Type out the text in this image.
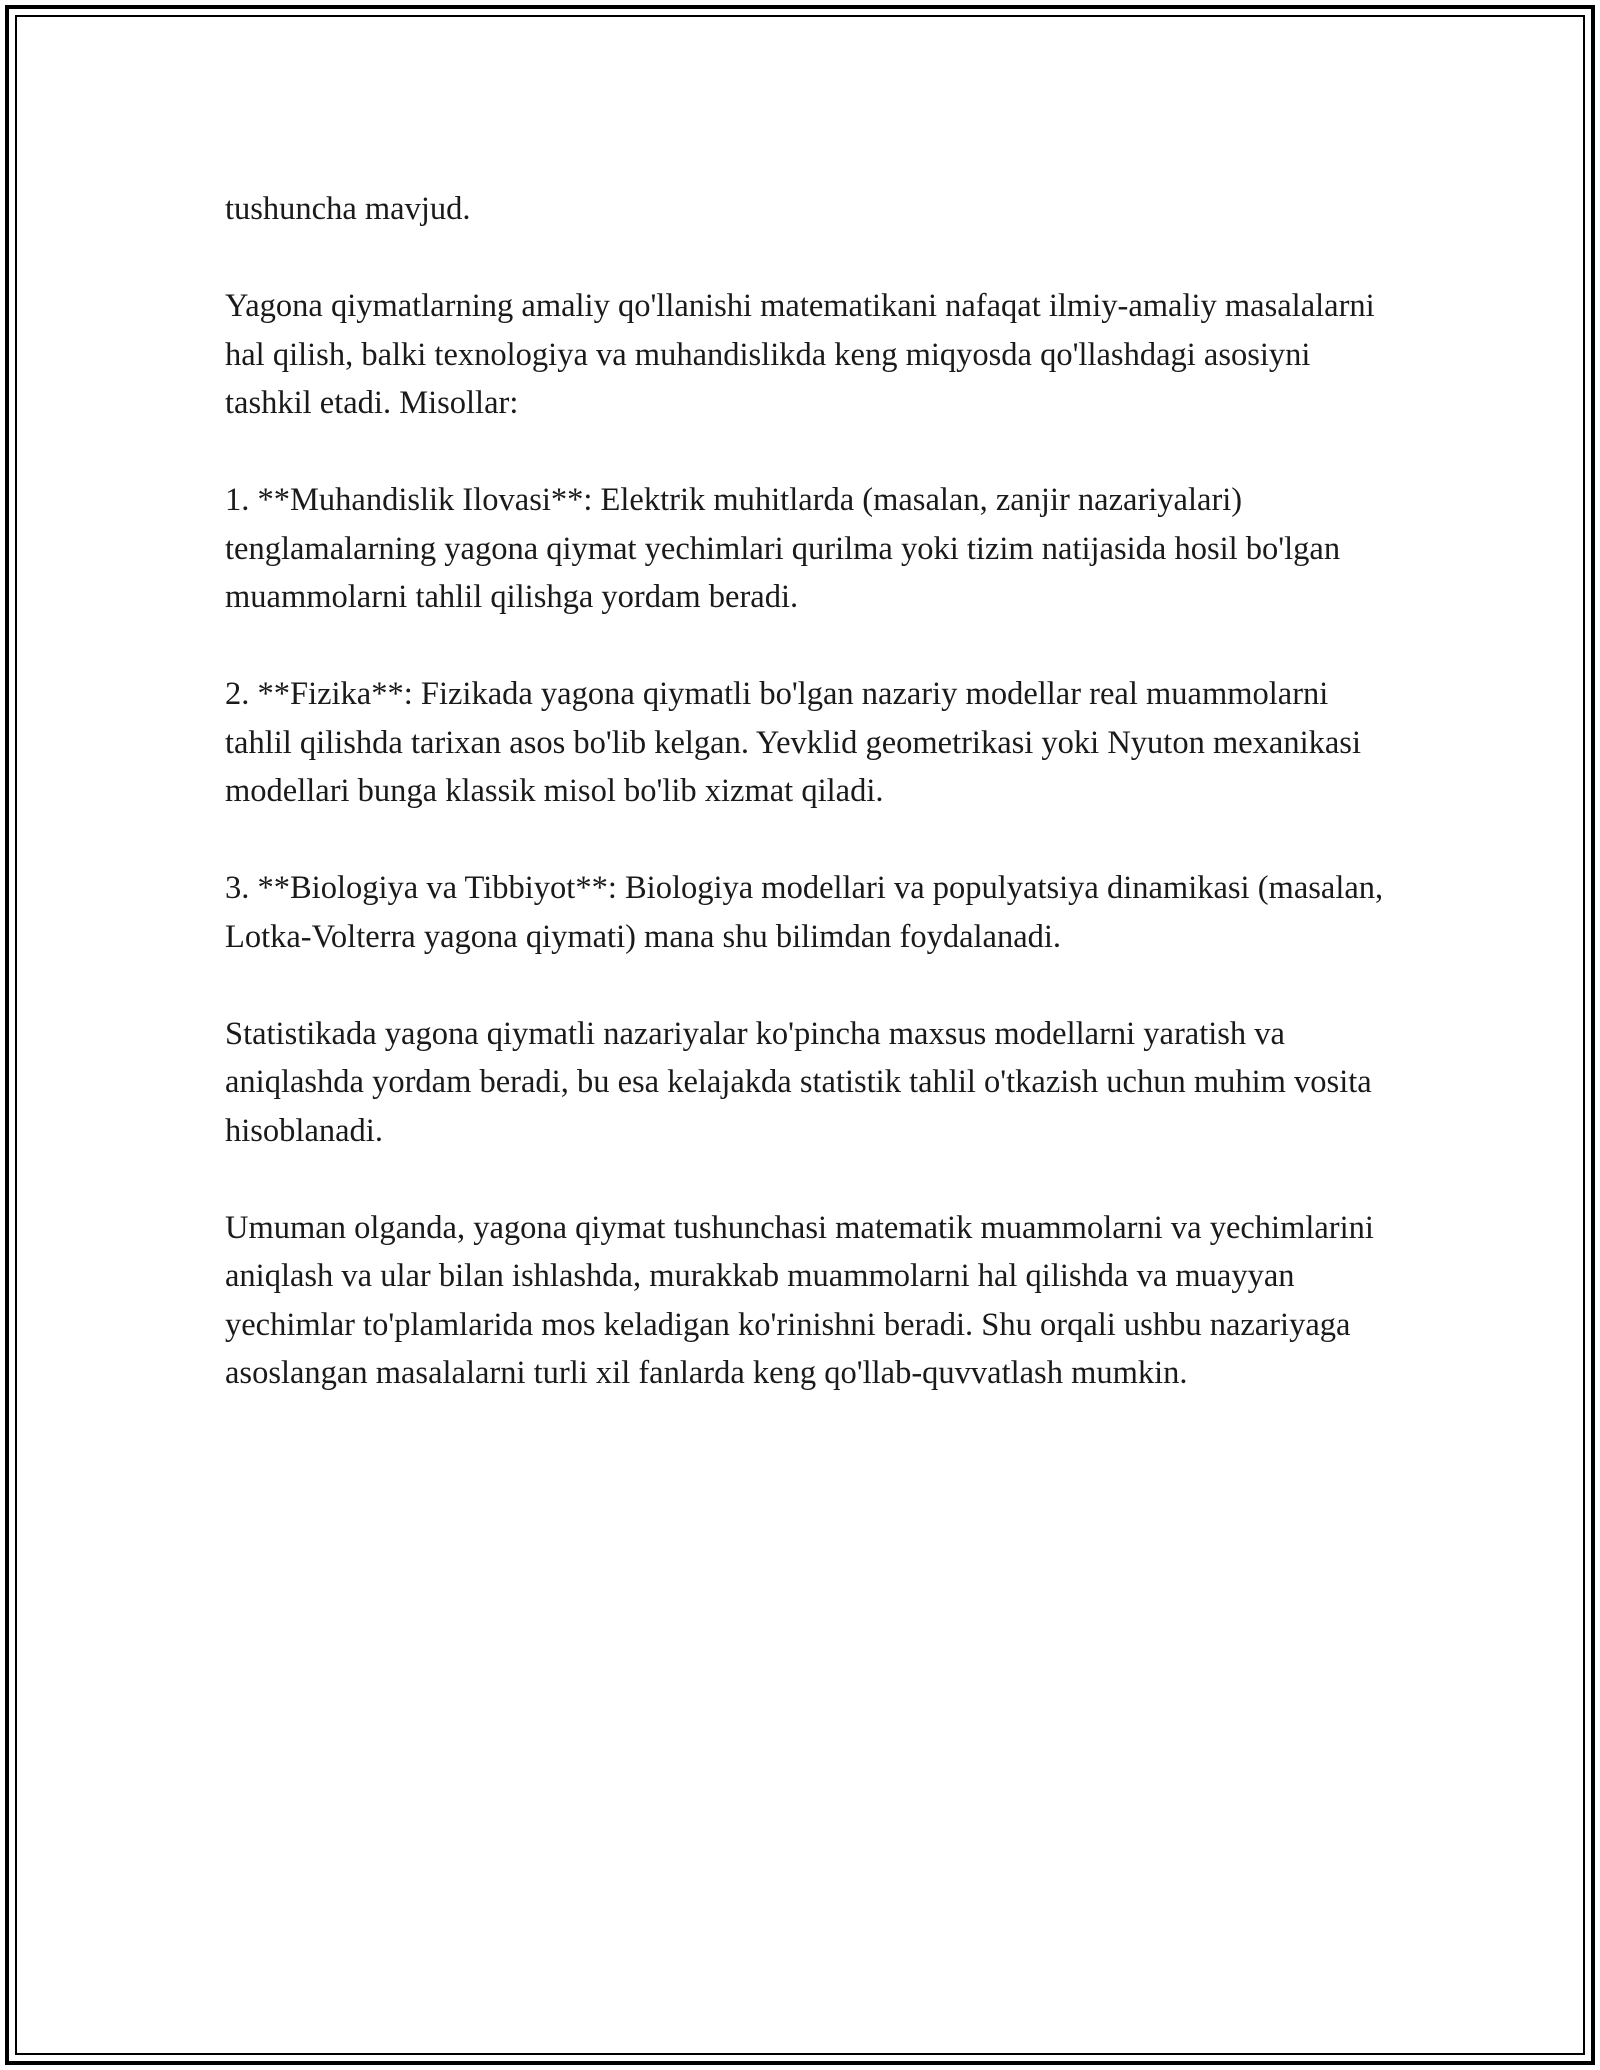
tushuncha mavjud.

Yagona qiymatlarning amaliy qo'llanishi matematikani nafaqat ilmiy-amaliy masalalarni hal qilish, balki texnologiya va muhandislikda keng miqyosda qo'llashdagi asosiyni tashkil etadi. Misollar:

1. **Muhandislik Ilovasi**: Elektrik muhitlarda (masalan, zanjir nazariyalari) tenglamalarning yagona qiymat yechimlari qurilma yoki tizim natijasida hosil bo'lgan muammolarni tahlil qilishga yordam beradi.

2. **Fizika**: Fizikada yagona qiymatli bo'lgan nazariy modellar real muammolarni tahlil qilishda tarixan asos bo'lib kelgan. Yevklid geometrikasi yoki Nyuton mexanikasi modellari bunga klassik misol bo'lib xizmat qiladi.

3. **Biologiya va Tibbiyot**: Biologiya modellari va populyatsiya dinamikasi (masalan, Lotka-Volterra yagona qiymati) mana shu bilimdan foydalanadi.

Statistikada yagona qiymatli nazariyalar ko'pincha maxsus modellarni yaratish va aniqlashda yordam beradi, bu esa kelajakda statistik tahlil o'tkazish uchun muhim vosita hisoblanadi.

Umuman olganda, yagona qiymat tushunchasi matematik muammolarni va yechimlarini aniqlash va ular bilan ishlashda, murakkab muammolarni hal qilishda va muayyan yechimlar to'plamlarida mos keladigan ko'rinishni beradi. Shu orqali ushbu nazariyaga asoslangan masalalarni turli xil fanlarda keng qo'llab-quvvatlash mumkin.
